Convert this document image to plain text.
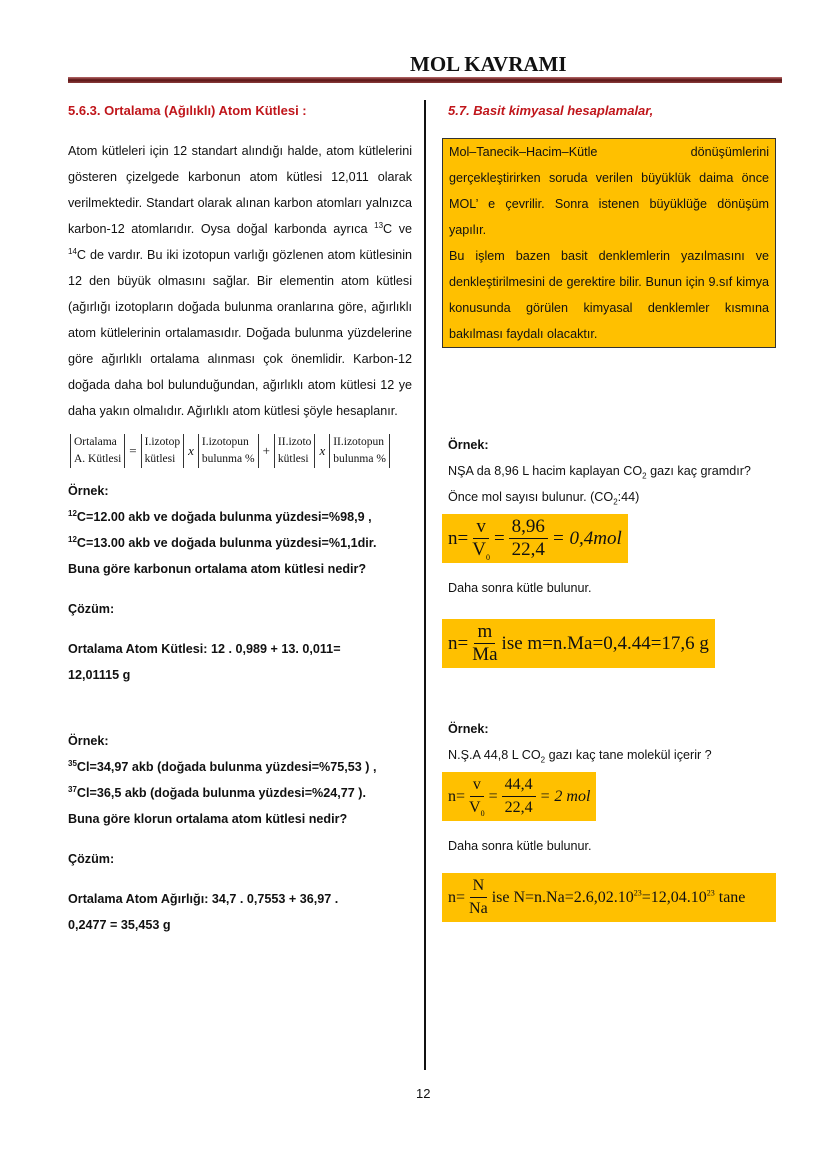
MOL KAVRAMI
5.6.3. Ortalama (Ağılıklı) Atom Kütlesi :

Atom kütleleri için 12 standart alındığı halde, atom kütlelerini gösteren çizelgede karbonun atom kütlesi 12,011 olarak verilmektedir. Standart olarak alınan karbon atomları yalnızca karbon-12 atomlarıdır. Oysa doğal karbonda ayrıca $^{13}$C ve $^{14}$C de vardır. Bu iki izotopun varlığı gözlenen atom kütlesinin 12 den büyük olmasını sağlar. Bir elementin atom kütlesi (ağırlığı izotopların doğada bulunma oranlarına göre, ağırlıklı atom kütlelerinin ortalamasıdır. Doğada bulunma yüzdelerine göre ağırlıklı ortalama alınması çok önemlidir. Karbon-12 doğada daha bol bulunduğundan, ağırlıklı atom kütlesi 12 ye daha yakın olmalıdır. Ağırlıklı atom kütlesi şöyle hesaplanır.

Ortalama
A. Kütlesi
=
I.izotop
kütlesi
x
I.izotopun
bulunma %
+
II.izoto
kütlesi
x
II.izotopun
bulunma %
Örnek:
$^{12}$C=12.00 akb ve doğada bulunma yüzdesi=%98,9 ,
$^{12}$C=13.00 akb ve doğada bulunma yüzdesi=%1,1dir.
Buna göre karbonun ortalama atom kütlesi nedir?
Çözüm:

Ortalama Atom Kütlesi: 12 . 0,989 + 13. 0,011= 12,01115 g

Örnek:
$^{35}$Cl=34,97 akb (doğada bulunma yüzdesi=%75,53 ) ,
$^{37}$Cl=36,5 akb (doğada bulunma yüzdesi=%24,77 ).
Buna göre klorun ortalama atom kütlesi nedir?
Çözüm:

Ortalama Atom Ağırlığı: 34,7 . 0,7553 + 36,97 . 0,2477 = 35,453 g

5.7. Basit kimyasal hesaplamalar,

Mol–Tanecik–Hacim–Kütle dönüşümlerini gerçekleştirirken soruda verilen büyüklük daima önce MOL’ e çevrilir. Sonra istenen büyüklüğe dönüşüm yapılır.

Bu işlem bazen basit denklemlerin yazılmasını ve denkleştirilmesini de gerektire bilir. Bunun için 9.sıf kimya konusunda görülen kimyasal denklemler kısmına bakılması faydalı olacaktır.

Örnek:
NŞA da 8,96 L hacim kaplayan $CO_2$ gazı kaç gramdır?
Önce mol sayısı bulunur. $(CO_2:44)$
$n= \frac{v}{V_0} = \frac{8,96}{22,4} = 0,4mol$
Daha sonra kütle bulunur.
$n= \frac{m}{Ma}$ ise m=n.Ma=0,4.44=17,6 g
Örnek:
N.Ş.A 44,8 L $CO_2$ gazı kaç tane molekül içerir ?
$n= \frac{v}{V_0} = \frac{44,4}{22,4} = 2$ mol
Daha sonra kütle bulunur.
$n= \frac{N}{Na}$ ise $N=n.Na=2.6,02.10^{23}=12,04.10^{23}$ tane
12
